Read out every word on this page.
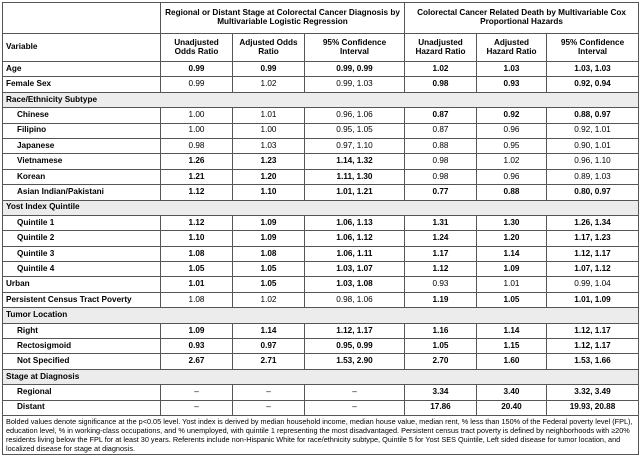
	Regional or Distant Stage at Colorectal Cancer Diagnosis by Multivariable Logistic Regression			Colorectal Cancer Related Death by Multivariable Cox Proportional Hazards		
Variable	Unadjusted Odds Ratio	Adjusted Odds Ratio	95% Confidence Interval	Unadjusted Hazard Ratio	Adjusted Hazard Ratio	95% Confidence Interval
Age	0.99	0.99	0.99, 0.99	1.02	1.03	1.03, 1.03
Female Sex	0.99	1.02	0.99, 1.03	0.98	0.93	0.92, 0.94
Race/Ethnicity Subtype						
Chinese	1.00	1.01	0.96, 1.06	0.87	0.92	0.88, 0.97
Filipino	1.00	1.00	0.95, 1.05	0.87	0.96	0.92, 1.01
Japanese	0.98	1.03	0.97, 1.10	0.88	0.95	0.90, 1.01
Vietnamese	1.26	1.23	1.14, 1.32	0.98	1.02	0.96, 1.10
Korean	1.21	1.20	1.11, 1.30	0.98	0.96	0.89, 1.03
Asian Indian/Pakistani	1.12	1.10	1.01, 1.21	0.77	0.88	0.80, 0.97
Yost Index Quintile						
Quintile 1	1.12	1.09	1.06, 1.13	1.31	1.30	1.26, 1.34
Quintile 2	1.10	1.09	1.06, 1.12	1.24	1.20	1.17, 1.23
Quintile 3	1.08	1.08	1.06, 1.11	1.17	1.14	1.12, 1.17
Quintile 4	1.05	1.05	1.03, 1.07	1.12	1.09	1.07, 1.12
Urban	1.01	1.05	1.03, 1.08	0.93	1.01	0.99, 1.04
Persistent Census Tract Poverty	1.08	1.02	0.98, 1.06	1.19	1.05	1.01, 1.09
Tumor Location						
Right	1.09	1.14	1.12, 1.17	1.16	1.14	1.12, 1.17
Rectosigmoid	0.93	0.97	0.95, 0.99	1.05	1.15	1.12, 1.17
Not Specified	2.67	2.71	1.53, 2.90	2.70	1.60	1.53, 1.66
Stage at Diagnosis						
Regional	–	–	–	3.34	3.40	3.32, 3.49
Distant	–	–	–	17.86	20.40	19.93, 20.88
Bolded values denote significance at the p<0.05 level. Yost index is derived by median household income, median house value, median rent, % less than 150% of the Federal poverty level (FPL), education level, % in working-class occupations, and % unemployed, with quintile 1 representing the most disadvantaged. Persistent census tract poverty is defined by neighborhoods with ≥20% residents living below the FPL for at least 30 years. Referents include non-Hispanic White for race/ethnicity subtype, Quintile 5 for Yost SES Quintile, Left sided disease for tumor location, and localized disease for stage at diagnosis.						
